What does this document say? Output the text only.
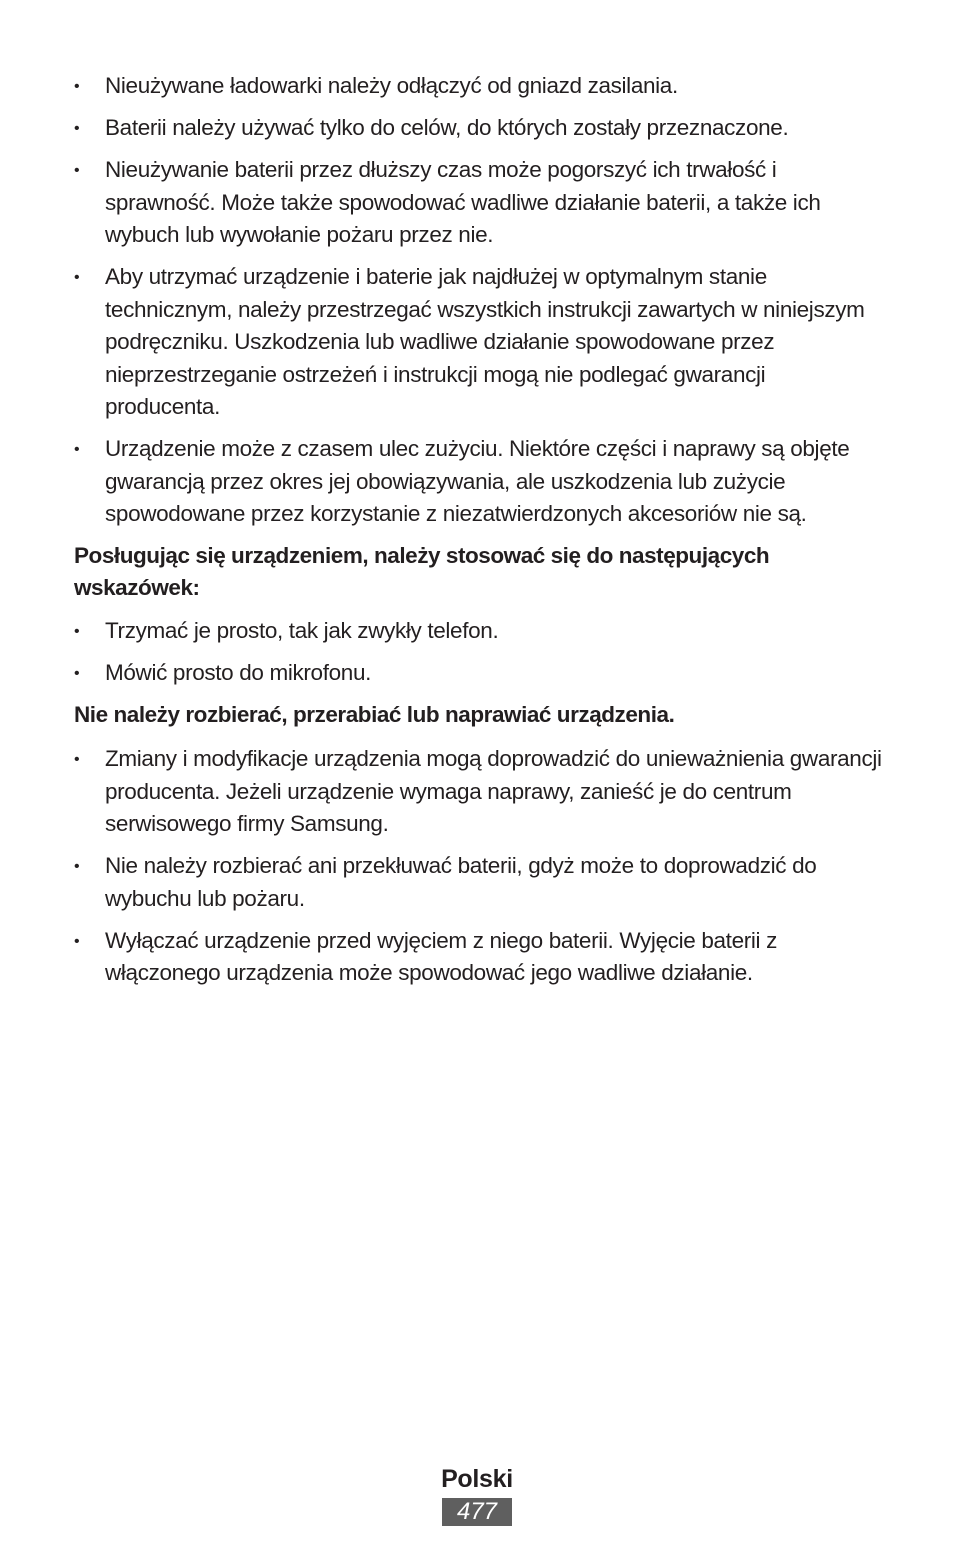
• Nieużywane ładowarki należy odłączyć od gniazd zasilania.
• Baterii należy używać tylko do celów, do których zostały przeznaczone.
• Nieużywanie baterii przez dłuższy czas może pogorszyć ich trwałość i sprawność. Może także spowodować wadliwe działanie baterii, a także ich wybuch lub wywołanie pożaru przez nie.
• Aby utrzymać urządzenie i baterie jak najdłużej w optymalnym stanie technicznym, należy przestrzegać wszystkich instrukcji zawartych w niniejszym podręczniku. Uszkodzenia lub wadliwe działanie spowodowane przez nieprzestrzeganie ostrzeżeń i instrukcji mogą nie podlegać gwarancji producenta.
• Urządzenie może z czasem ulec zużyciu. Niektóre części i naprawy są objęte gwarancją przez okres jej obowiązywania, ale uszkodzenia lub zużycie spowodowane przez korzystanie z niezatwierdzonych akcesoriów nie są.

Posługując się urządzeniem, należy stosować się do następujących wskazówek:

• Trzymać je prosto, tak jak zwykły telefon.
• Mówić prosto do mikrofonu.

Nie należy rozbierać, przerabiać lub naprawiać urządzenia.

• Zmiany i modyfikacje urządzenia mogą doprowadzić do unieważnienia gwarancji producenta. Jeżeli urządzenie wymaga naprawy, zanieść je do centrum serwisowego firmy Samsung.
• Nie należy rozbierać ani przekłuwać baterii, gdyż może to doprowadzić do wybuchu lub pożaru.
• Wyłączać urządzenie przed wyjęciem z niego baterii. Wyjęcie baterii z włączonego urządzenia może spowodować jego wadliwe działanie.
Polski
477
